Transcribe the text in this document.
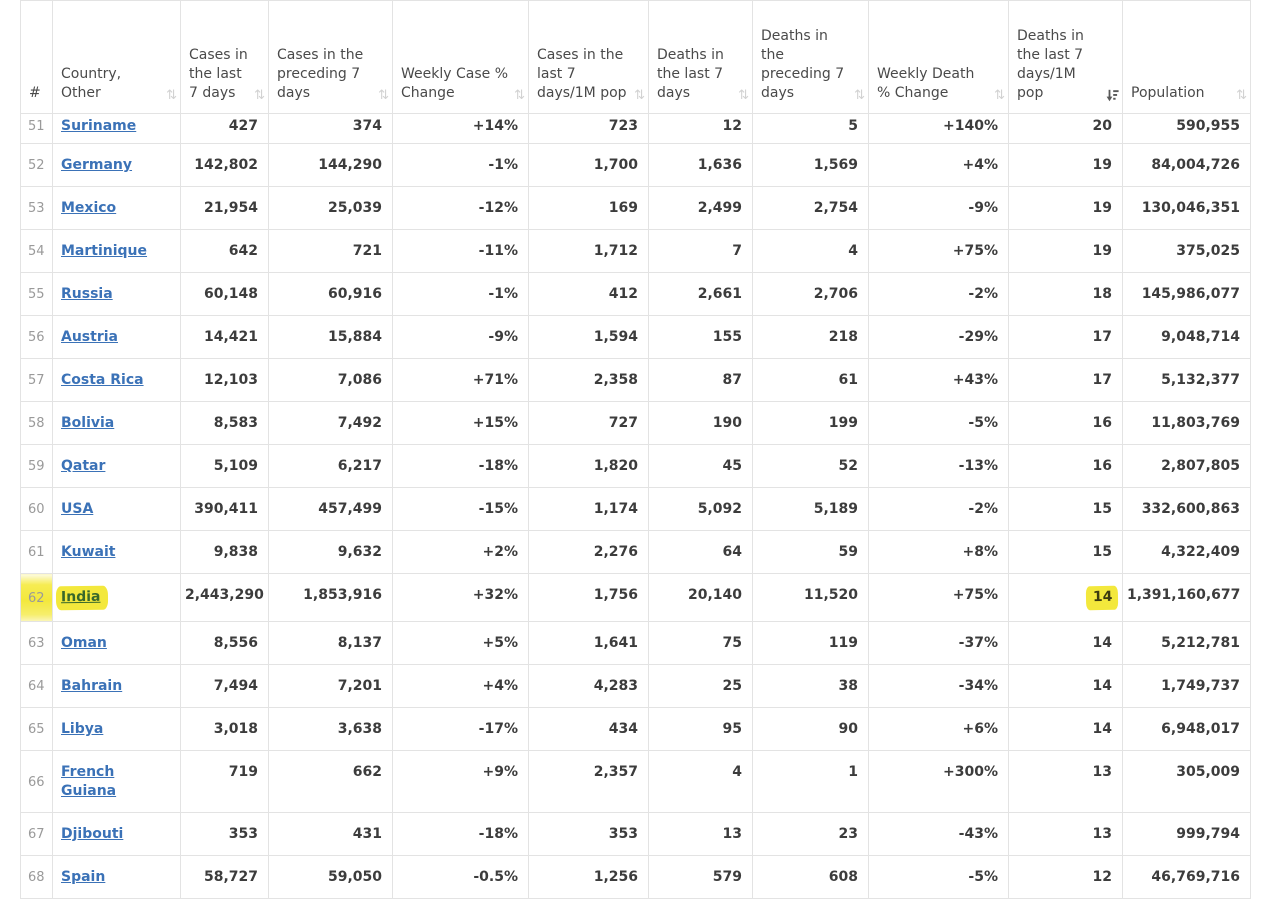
#	Country, Other ⇅	Cases in the last 7 days ⇅	Cases in the preceding 7 days ⇅	Weekly Case % Change ⇅	Cases in the last 7 days/1M pop ⇅	Deaths in the last 7 days ⇅	Deaths in the preceding 7 days ⇅	Weekly Death % Change ⇅	Deaths in the last 7 days/1M pop	Population ⇅

51	Suriname	427	374	+14%	723	12	5	+140%	20	590,955
52	Germany	142,802	144,290	-1%	1,700	1,636	1,569	+4%	19	84,004,726
53	Mexico	21,954	25,039	-12%	169	2,499	2,754	-9%	19	130,046,351
54	Martinique	642	721	-11%	1,712	7	4	+75%	19	375,025
55	Russia	60,148	60,916	-1%	412	2,661	2,706	-2%	18	145,986,077
56	Austria	14,421	15,884	-9%	1,594	155	218	-29%	17	9,048,714
57	Costa Rica	12,103	7,086	+71%	2,358	87	61	+43%	17	5,132,377
58	Bolivia	8,583	7,492	+15%	727	190	199	-5%	16	11,803,769
59	Qatar	5,109	6,217	-18%	1,820	45	52	-13%	16	2,807,805
60	USA	390,411	457,499	-15%	1,174	5,092	5,189	-2%	15	332,600,863
61	Kuwait	9,838	9,632	+2%	2,276	64	59	+8%	15	4,322,409
62	India	2,443,290	1,853,916	+32%	1,756	20,140	11,520	+75%	14	1,391,160,677
63	Oman	8,556	8,137	+5%	1,641	75	119	-37%	14	5,212,781
64	Bahrain	7,494	7,201	+4%	4,283	25	38	-34%	14	1,749,737
65	Libya	3,018	3,638	-17%	434	95	90	+6%	14	6,948,017
66	French Guiana	719	662	+9%	2,357	4	1	+300%	13	305,009
67	Djibouti	353	431	-18%	353	13	23	-43%	13	999,794
68	Spain	58,727	59,050	-0.5%	1,256	579	608	-5%	12	46,769,716
